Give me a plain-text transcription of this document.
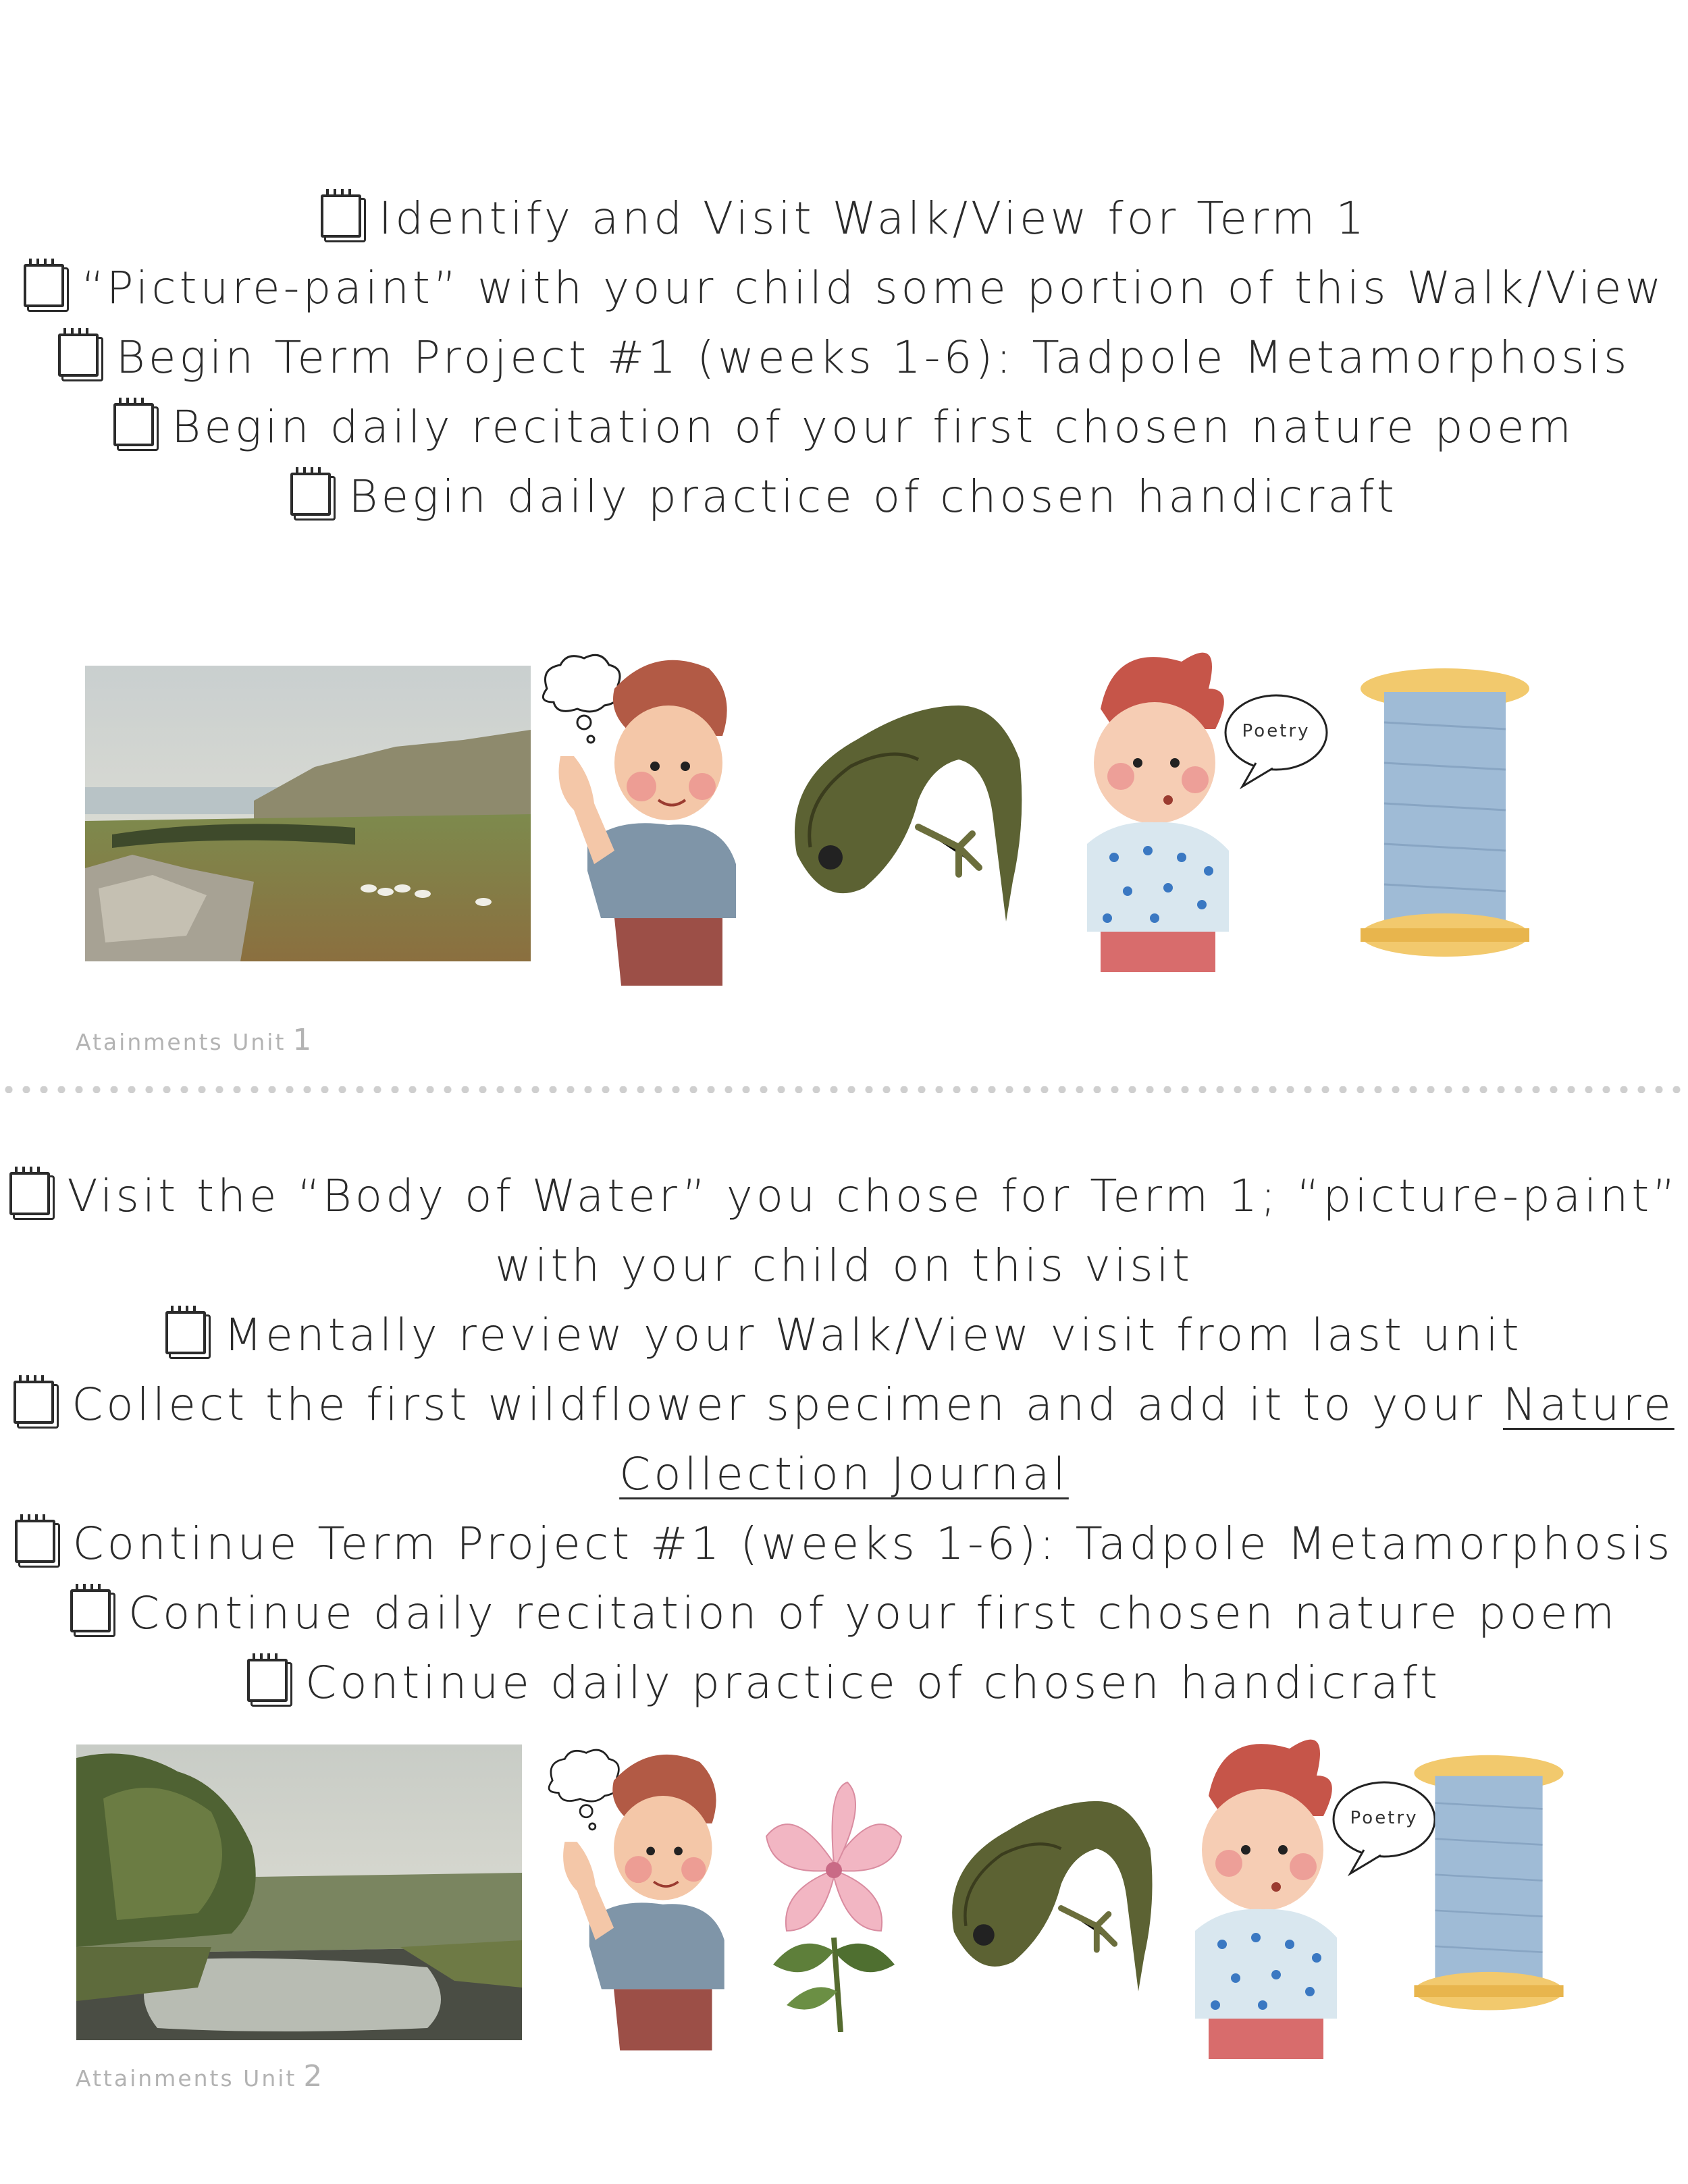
Identify and Visit Walk/View for Term 1
“Picture-paint” with your child some portion of this Walk/View
Begin Term Project #1 (weeks 1-6): Tadpole Metamorphosis
Begin daily recitation of your first chosen nature poem
Begin daily practice of chosen handicraft
Poetry
Atainments Unit 1
Visit the “Body of Water” you chose for Term 1; “picture-paint”
with your child on this visit
Mentally review your Walk/View visit from last unit
Collect the first wildflower specimen and add it to your Nature
Collection Journal
Continue Term Project #1 (weeks 1-6): Tadpole Metamorphosis
Continue daily recitation of your first chosen nature poem
Continue daily practice of chosen handicraft
Poetry
Attainments Unit 2
